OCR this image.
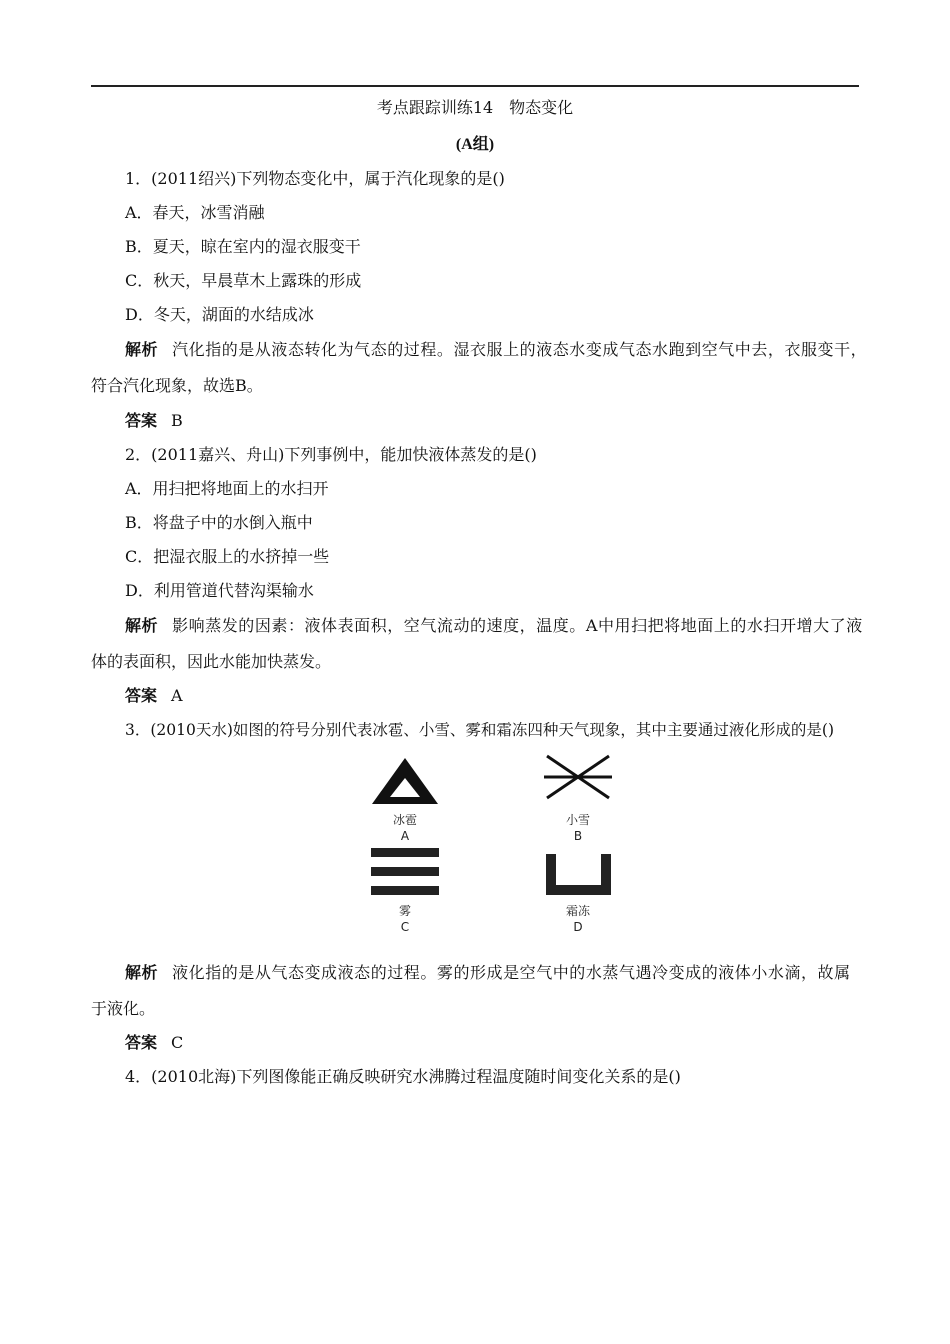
考点跟踪训练14　物态变化
(A组)
1．(2011绍兴)下列物态变化中，属于汽化现象的是()
A．春天，冰雪消融
B．夏天，晾在室内的湿衣服变干
C．秋天，早晨草木上露珠的形成
D．冬天，湖面的水结成冰
解析 汽化指的是从液态转化为气态的过程。湿衣服上的液态水变成气态水跑到空气中去，衣服变干，
符合汽化现象，故选B。
答案 B
2．(2011嘉兴、舟山)下列事例中，能加快液体蒸发的是()
A．用扫把将地面上的水扫开
B．将盘子中的水倒入瓶中
C．把湿衣服上的水挤掉一些
D．利用管道代替沟渠输水
解析 影响蒸发的因素：液体表面积，空气流动的速度，温度。A中用扫把将地面上的水扫开增大了液
体的表面积，因此水能加快蒸发。
答案 A
3．(2010天水)如图的符号分别代表冰雹、小雪、雾和霜冻四种天气现象，其中主要通过液化形成的是()
冰雹
A
小雪
B
雾
C
霜冻
D
解析 液化指的是从气态变成液态的过程。雾的形成是空气中的水蒸气遇冷变成的液体小水滴，故属
于液化。
答案 C
4．(2010北海)下列图像能正确反映研究水沸腾过程温度随时间变化关系的是()
